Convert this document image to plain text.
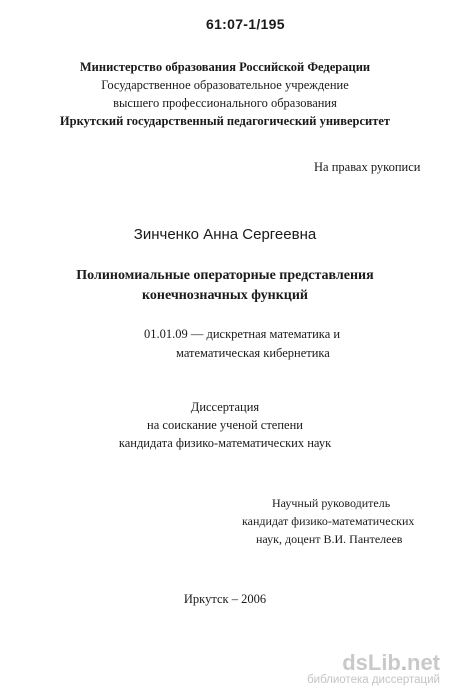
61:07-1/195
Министерство образования Российской Федерации
Государственное образовательное учреждение
высшего профессионального образования
Иркутский государственный педагогический университет
На правах рукописи
Зинченко Анна Сергеевна
Полиномиальные операторные представления
конечнозначных функций
01.01.09 — дискретная математика и
математическая кибернетика
Диссертация
на соискание ученой степени
кандидата физико-математических наук
Научный руководитель
кандидат физико-математических
наук, доцент В.И. Пантелеев
Иркутск – 2006
dsLib.net
библиотека диссертаций
